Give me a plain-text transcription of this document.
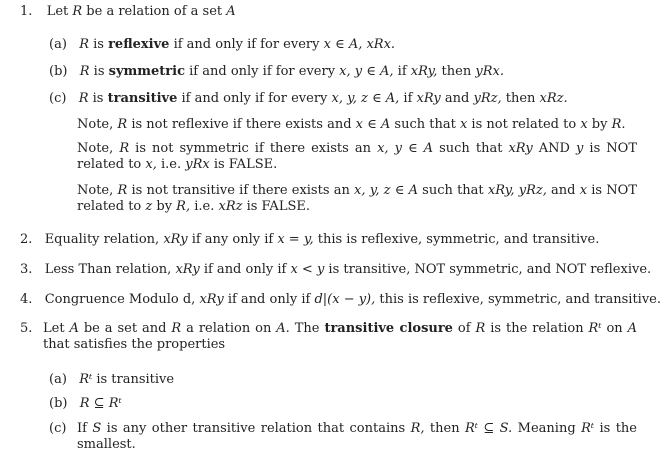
1. Let R be a relation of a set A
(a) R is reflexive if and only if for every x ∈ A, xRx.
(b) R is symmetric if and only if for every x, y ∈ A, if xRy, then yRx.
(c) R is transitive if and only if for every x, y, z ∈ A, if xRy and yRz, then xRz.
Note, R is not reflexive if there exists and x ∈ A such that x is not related to x by R.
Note, R is not symmetric if there exists an x, y ∈ A such that xRy AND y is NOT related to x, i.e. yRx is FALSE.
Note, R is not transitive if there exists an x, y, z ∈ A such that xRy, yRz, and x is NOT related to z by R, i.e. xRz is FALSE.
2. Equality relation, xRy if any only if x = y, this is reflexive, symmetric, and transitive.
3. Less Than relation, xRy if and only if x < y is transitive, NOT symmetric, and NOT reflexive.
4. Congruence Modulo d, xRy if and only if d|(x − y), this is reflexive, symmetric, and transitive.
5. Let A be a set and R a relation on A. The transitive closure of R is the relation Rᵗ on A that satisfies the properties
(a) Rᵗ is transitive
(b) R ⊆ Rᵗ
(c) If S is any other transitive relation that contains R, then Rᵗ ⊆ S. Meaning Rᵗ is the smallest.
